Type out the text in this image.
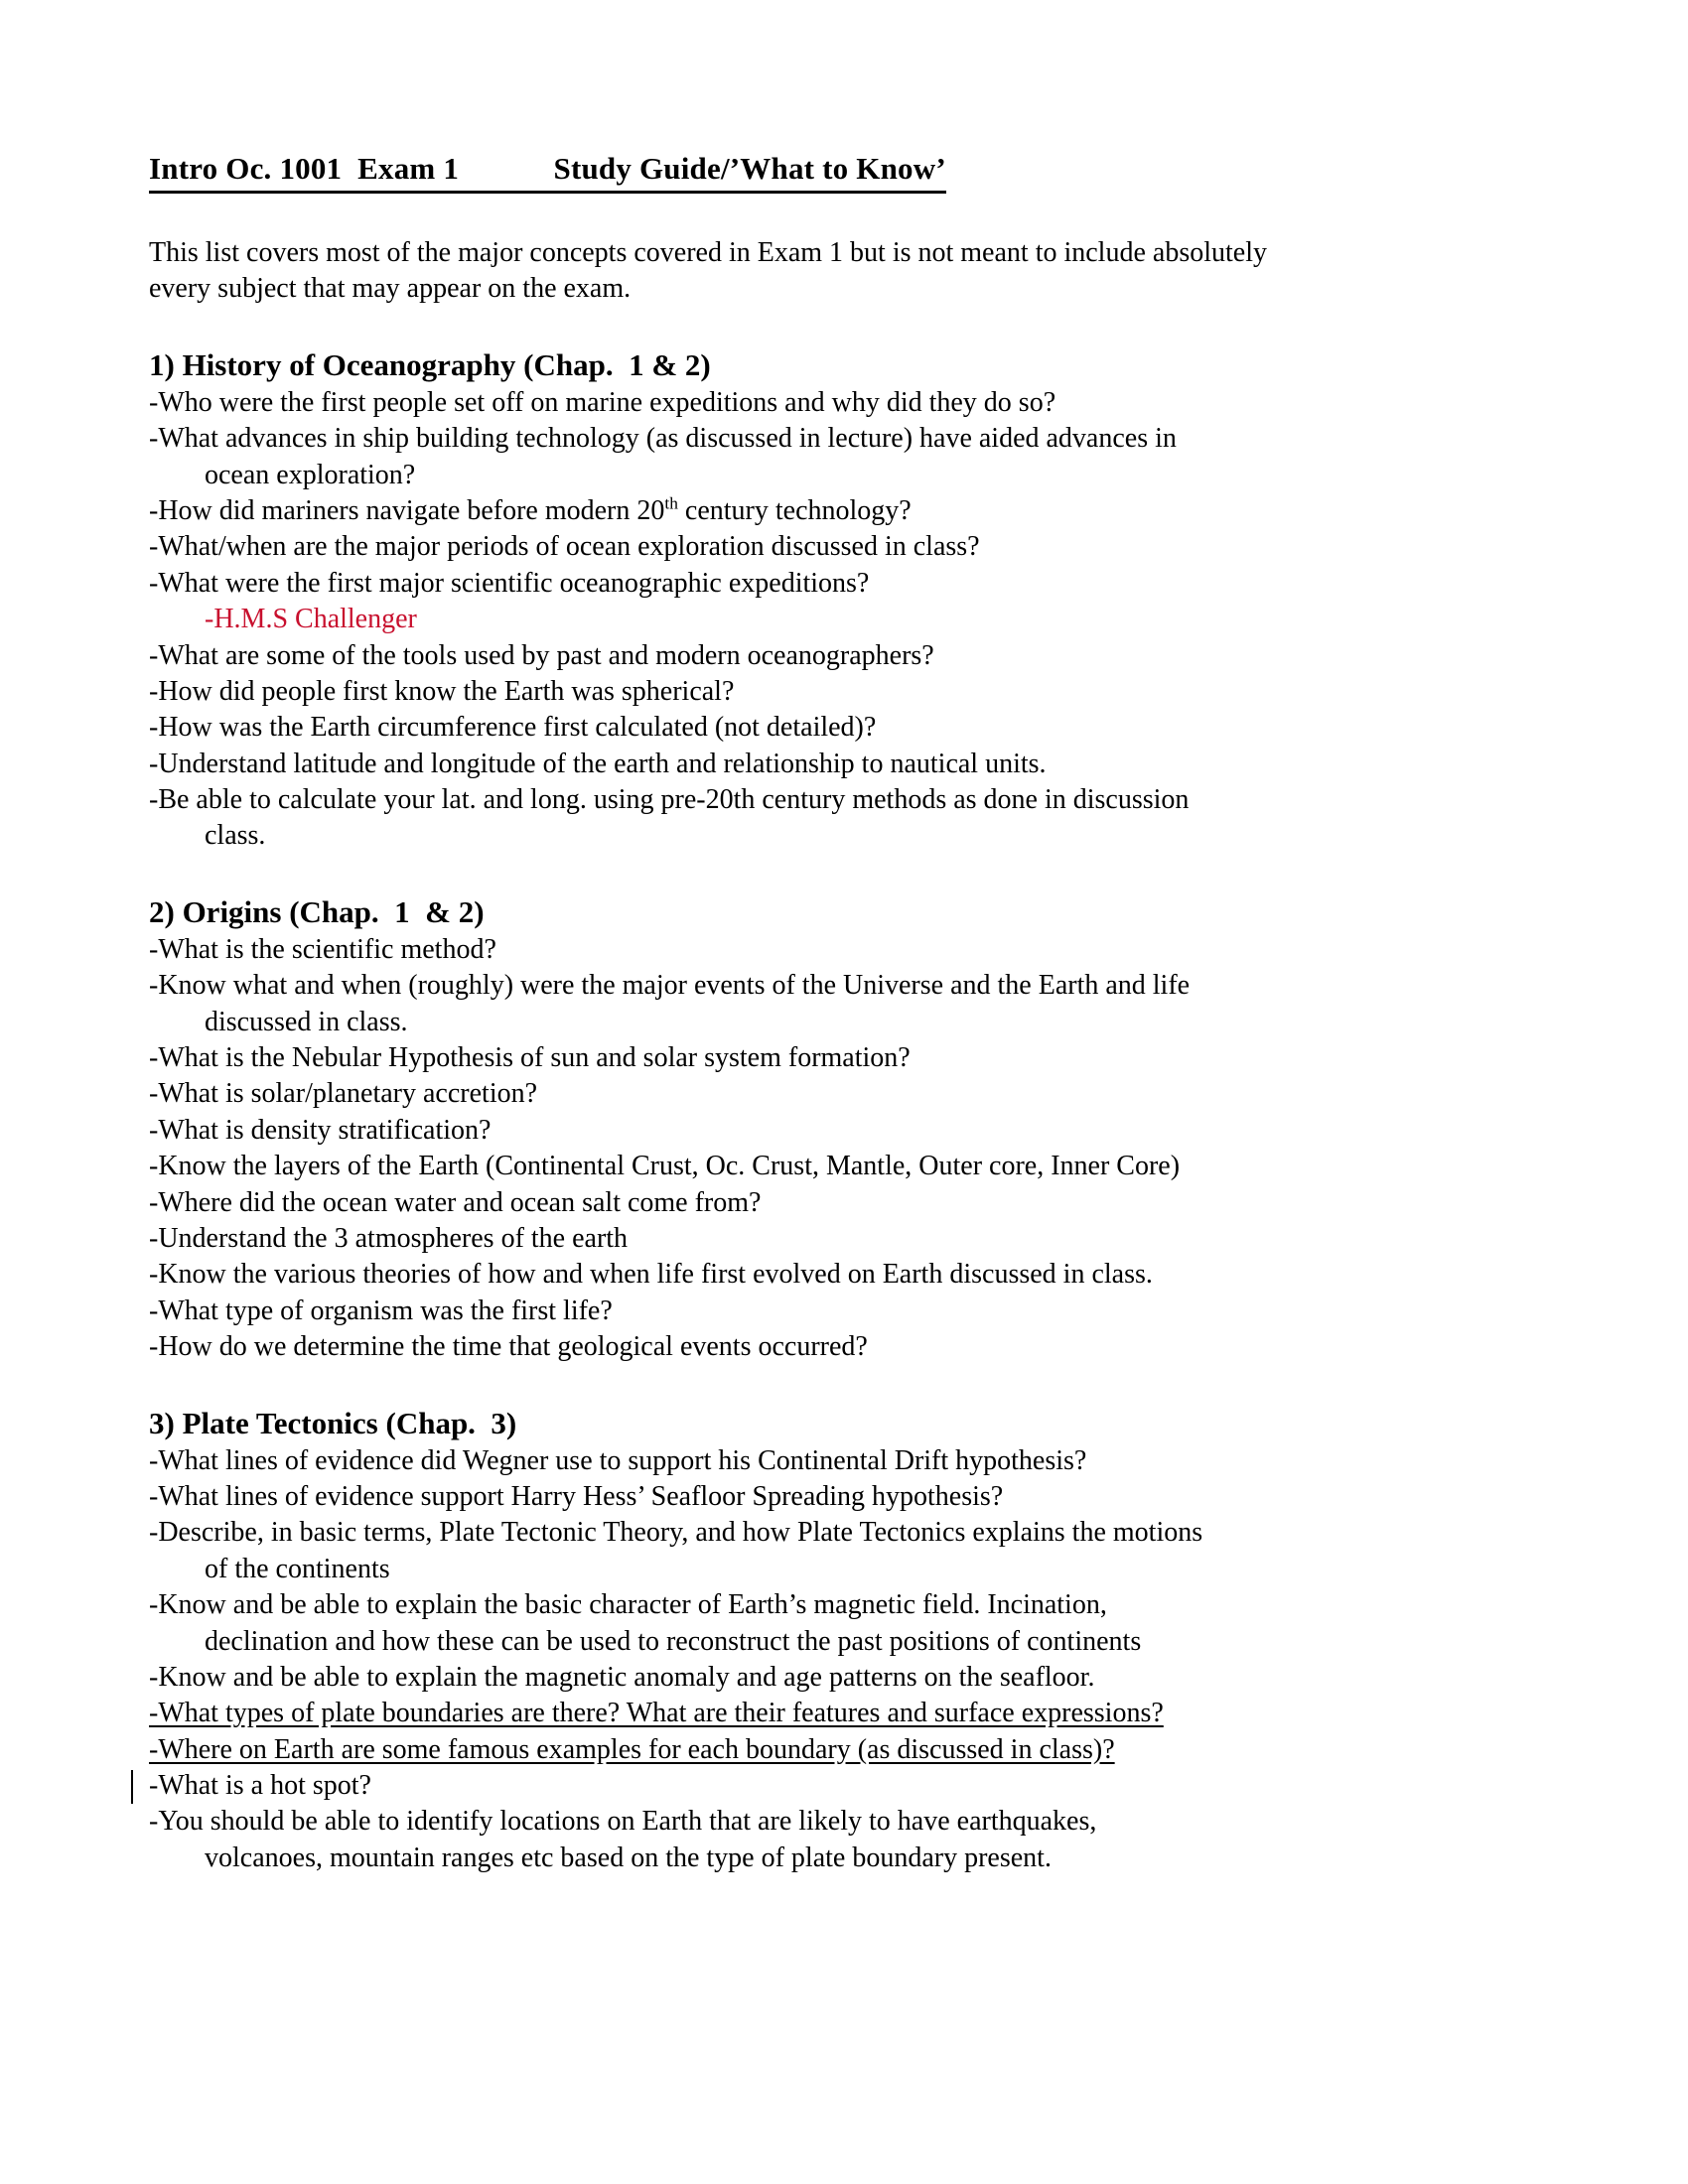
Intro Oc. 1001  Exam 1            Study Guide/’What to Know’

This list covers most of the major concepts covered in Exam 1 but is not meant to include absolutely every subject that may appear on the exam.

1) History of Oceanography (Chap.  1 & 2)
-Who were the first people set off on marine expeditions and why did they do so?
-What advances in ship building technology (as discussed in lecture) have aided advances in
ocean exploration?
-How did mariners navigate before modern 20th century technology?
-What/when are the major periods of ocean exploration discussed in class?
-What were the first major scientific oceanographic expeditions?
-H.M.S Challenger
-What are some of the tools used by past and modern oceanographers?
-How did people first know the Earth was spherical?
-How was the Earth circumference first calculated (not detailed)?
-Understand latitude and longitude of the earth and relationship to nautical units.
-Be able to calculate your lat. and long. using pre-20th century methods as done in discussion
class.
2) Origins (Chap.  1  & 2)
-What is the scientific method?
-Know what and when (roughly) were the major events of the Universe and the Earth and life
discussed in class.
-What is the Nebular Hypothesis of sun and solar system formation?
-What is solar/planetary accretion?
-What is density stratification?
-Know the layers of the Earth (Continental Crust, Oc. Crust, Mantle, Outer core, Inner Core)
-Where did the ocean water and ocean salt come from?
-Understand the 3 atmospheres of the earth
-Know the various theories of how and when life first evolved on Earth discussed in class.
-What type of organism was the first life?
-How do we determine the time that geological events occurred?
3) Plate Tectonics (Chap.  3)
-What lines of evidence did Wegner use to support his Continental Drift hypothesis?
-What lines of evidence support Harry Hess’ Seafloor Spreading hypothesis?
-Describe, in basic terms, Plate Tectonic Theory, and how Plate Tectonics explains the motions
of the continents
-Know and be able to explain the basic character of Earth’s magnetic field. Incination,
declination and how these can be used to reconstruct the past positions of continents
-Know and be able to explain the magnetic anomaly and age patterns on the seafloor.
-What types of plate boundaries are there? What are their features and surface expressions?
-Where on Earth are some famous examples for each boundary (as discussed in class)?
-What is a hot spot?
-You should be able to identify locations on Earth that are likely to have earthquakes,
volcanoes, mountain ranges etc based on the type of plate boundary present.
